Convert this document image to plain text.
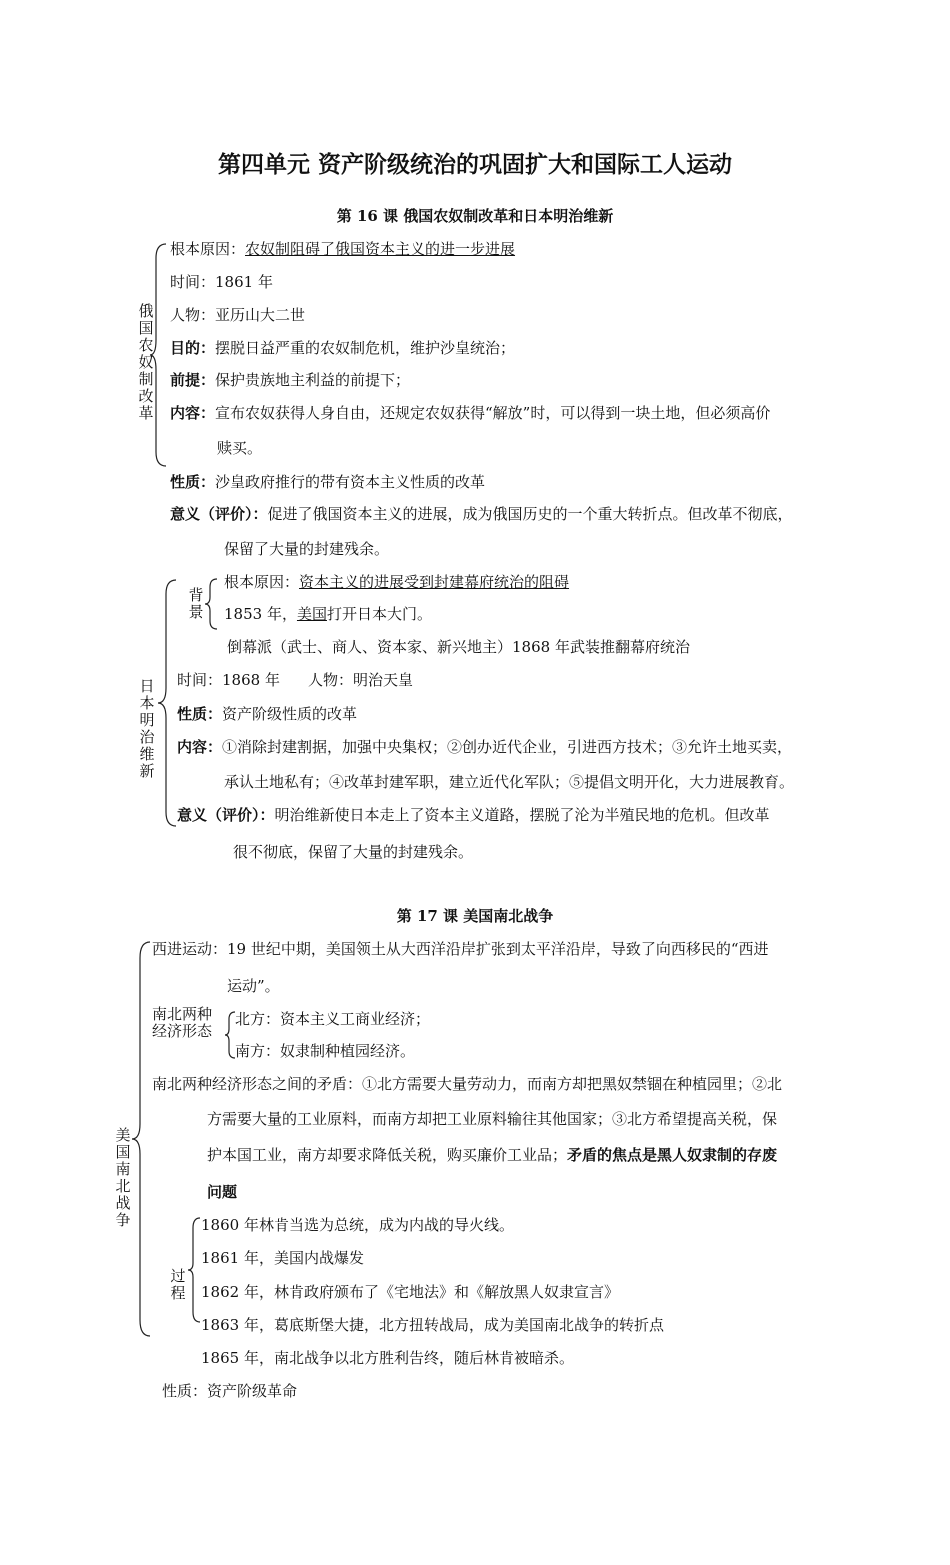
第四单元 资产阶级统治的巩固扩大和国际工人运动
第 16 课 俄国农奴制改革和日本明治维新
俄国农奴制改革
根本原因：农奴制阻碍了俄国资本主义的进一步进展
时间：1861 年
人物：亚历山大二世
目的：摆脱日益严重的农奴制危机，维护沙皇统治；
前提：保护贵族地主利益的前提下；
内容：宣布农奴获得人身自由，还规定农奴获得“解放”时，可以得到一块土地，但必须高价
赎买。
性质：沙皇政府推行的带有资本主义性质的改革
意义（评价）：促进了俄国资本主义的进展，成为俄国历史的一个重大转折点。但改革不彻底，
保留了大量的封建残余。
日本明治维新
背景
根本原因：资本主义的进展受到封建幕府统治的阻碍
1853 年，美国打开日本大门。
倒幕派（武士、商人、资本家、新兴地主）1868 年武装推翻幕府统治
时间：1868 年 人物：明治天皇
性质：资产阶级性质的改革
内容：①消除封建割据，加强中央集权；②创办近代企业，引进西方技术；③允许土地买卖，
承认土地私有；④改革封建军职，建立近代化军队；⑤提倡文明开化，大力进展教育。
意义（评价）：明治维新使日本走上了资本主义道路，摆脱了沦为半殖民地的危机。但改革
很不彻底，保留了大量的封建残余。
第 17 课 美国南北战争
美国南北战争
西进运动：19 世纪中期，美国领土从大西洋沿岸扩张到太平洋沿岸，导致了向西移民的“西进
运动”。
南北两种
经济形态
北方：资本主义工商业经济；
南方：奴隶制种植园经济。
南北两种经济形态之间的矛盾：①北方需要大量劳动力，而南方却把黑奴禁锢在种植园里；②北
方需要大量的工业原料，而南方却把工业原料输往其他国家；③北方希望提高关税，保
护本国工业，南方却要求降低关税，购买廉价工业品；矛盾的焦点是黑人奴隶制的存废
问题
过程
1860 年林肯当选为总统，成为内战的导火线。
1861 年，美国内战爆发
1862 年，林肯政府颁布了《宅地法》和《解放黑人奴隶宣言》
1863 年，葛底斯堡大捷，北方扭转战局，成为美国南北战争的转折点
1865 年，南北战争以北方胜利告终，随后林肯被暗杀。
性质：资产阶级革命
